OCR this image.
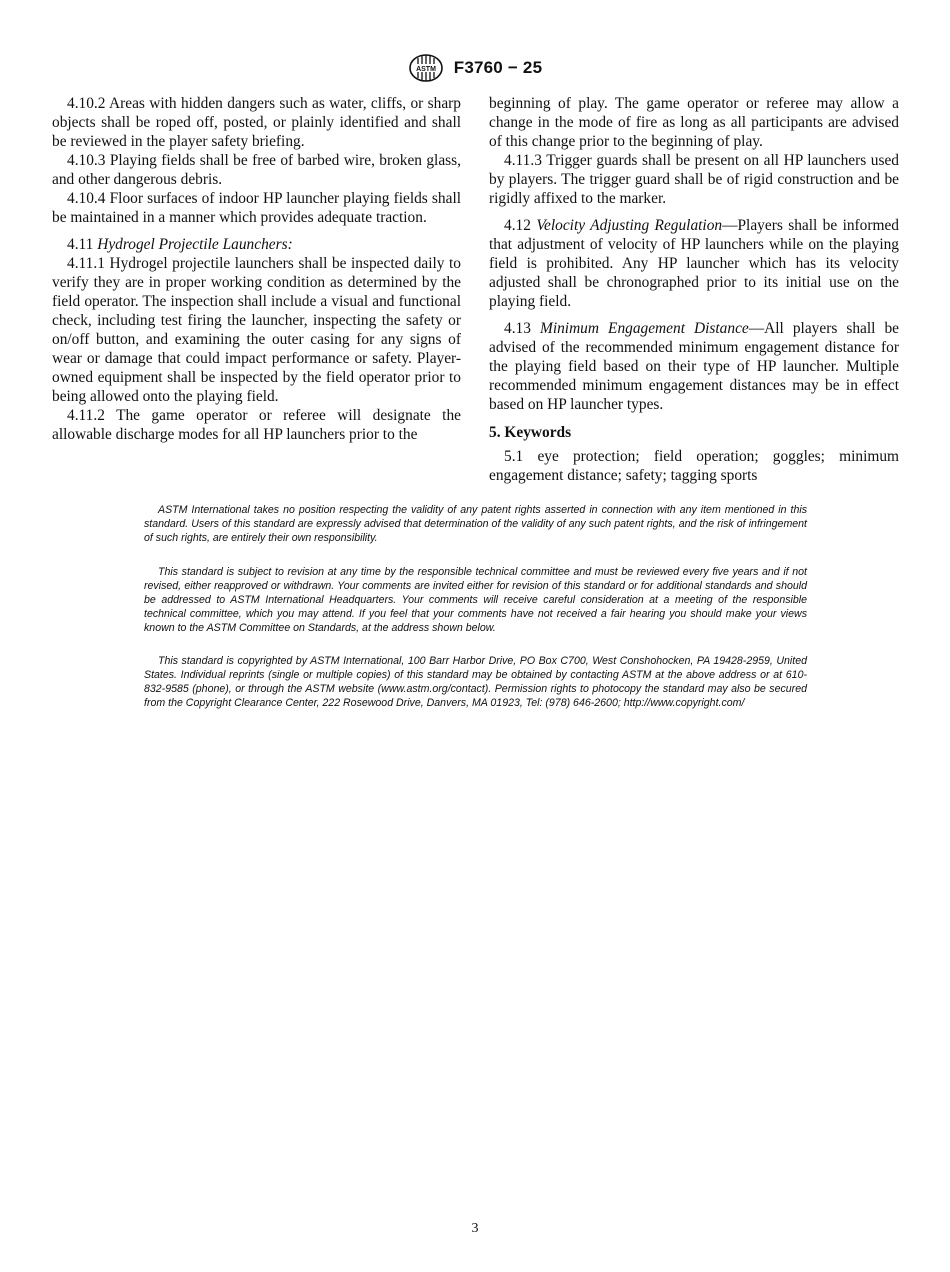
ASTM F3760 − 25

4.10.2 Areas with hidden dangers such as water, cliffs, or sharp objects shall be roped off, posted, or plainly identified and shall be reviewed in the player safety briefing.

4.10.3 Playing fields shall be free of barbed wire, broken glass, and other dangerous debris.

4.10.4 Floor surfaces of indoor HP launcher playing fields shall be maintained in a manner which provides adequate traction.

4.11 Hydrogel Projectile Launchers:

4.11.1 Hydrogel projectile launchers shall be inspected daily to verify they are in proper working condition as determined by the field operator. The inspection shall include a visual and functional check, including test firing the launcher, inspecting the safety or on/off button, and examining the outer casing for any signs of wear or damage that could impact performance or safety. Player-owned equipment shall be inspected by the field operator prior to being allowed onto the playing field.

4.11.2 The game operator or referee will designate the allowable discharge modes for all HP launchers prior to the

beginning of play. The game operator or referee may allow a change in the mode of fire as long as all participants are advised of this change prior to the beginning of play.

4.11.3 Trigger guards shall be present on all HP launchers used by players. The trigger guard shall be of rigid construction and be rigidly affixed to the marker.

4.12 Velocity Adjusting Regulation—Players shall be informed that adjustment of velocity of HP launchers while on the playing field is prohibited. Any HP launcher which has its velocity adjusted shall be chronographed prior to its initial use on the playing field.

4.13 Minimum Engagement Distance—All players shall be advised of the recommended minimum engagement distance for the playing field based on their type of HP launcher. Multiple recommended minimum engagement distances may be in effect based on HP launcher types.

5. Keywords

5.1 eye protection; field operation; goggles; minimum engagement distance; safety; tagging sports

ASTM International takes no position respecting the validity of any patent rights asserted in connection with any item mentioned in this standard. Users of this standard are expressly advised that determination of the validity of any such patent rights, and the risk of infringement of such rights, are entirely their own responsibility.

This standard is subject to revision at any time by the responsible technical committee and must be reviewed every five years and if not revised, either reapproved or withdrawn. Your comments are invited either for revision of this standard or for additional standards and should be addressed to ASTM International Headquarters. Your comments will receive careful consideration at a meeting of the responsible technical committee, which you may attend. If you feel that your comments have not received a fair hearing you should make your views known to the ASTM Committee on Standards, at the address shown below.

This standard is copyrighted by ASTM International, 100 Barr Harbor Drive, PO Box C700, West Conshohocken, PA 19428-2959, United States. Individual reprints (single or multiple copies) of this standard may be obtained by contacting ASTM at the above address or at 610-832-9585 (phone), or through the ASTM website (www.astm.org/contact). Permission rights to photocopy the standard may also be secured from the Copyright Clearance Center, 222 Rosewood Drive, Danvers, MA 01923, Tel: (978) 646-2600; http://www.copyright.com/

3
